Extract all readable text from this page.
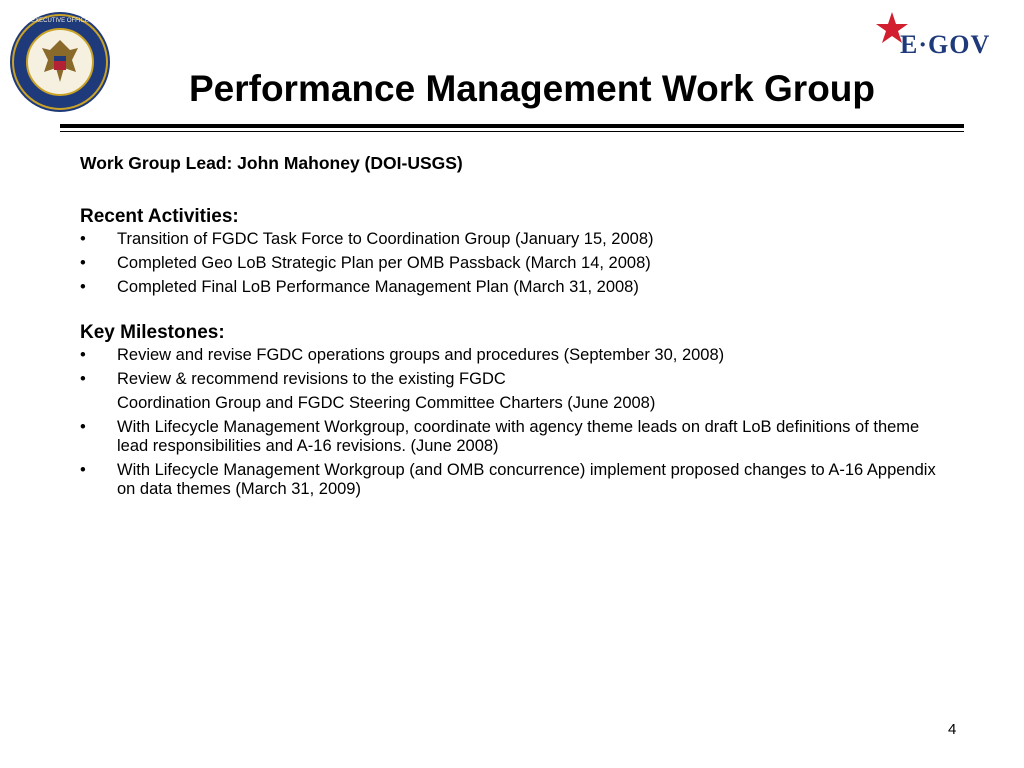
EXECUTIVE OFFICE
E·GOV
Performance Management Work Group

Work Group Lead: John Mahoney (DOI-USGS)

Recent Activities:

• Transition of FGDC Task Force to Coordination Group (January 15, 2008)
• Completed Geo LoB Strategic Plan per OMB Passback (March 14, 2008)
• Completed Final LoB Performance Management Plan (March 31, 2008)

Key Milestones:

• Review and revise FGDC operations groups and procedures (September 30, 2008)
• Review & recommend revisions to the existing FGDC
Coordination Group and FGDC Steering Committee Charters (June 2008)
• With Lifecycle Management Workgroup, coordinate with agency theme leads on draft LoB definitions of theme lead responsibilities and A-16 revisions. (June 2008)
• With Lifecycle Management Workgroup (and OMB concurrence) implement proposed changes to A-16 Appendix on data themes (March 31, 2009)
4
